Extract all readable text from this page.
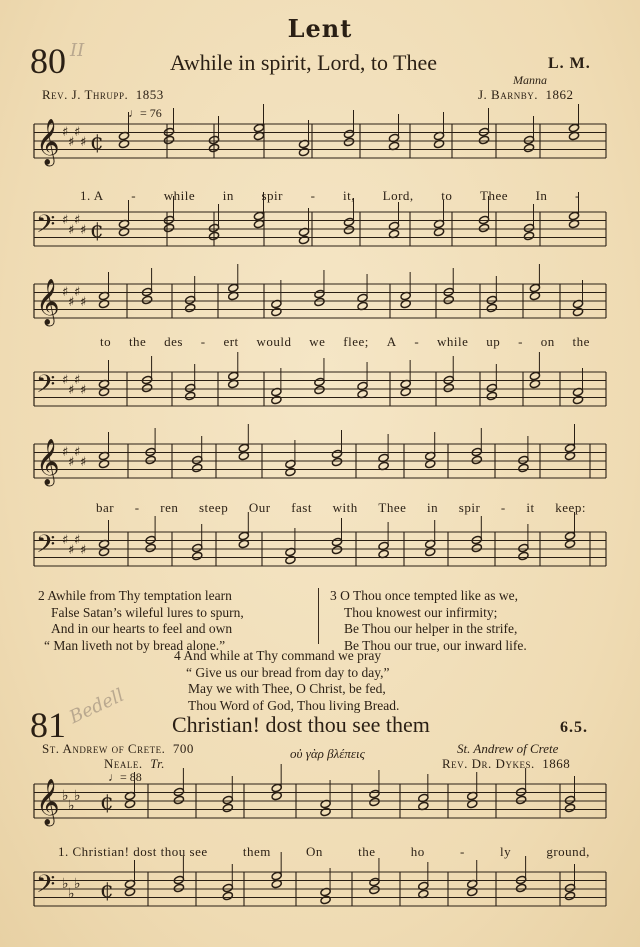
Lent
80 II	Awhile in spirit, Lord, to Thee	L. M.
Manna
Rev. J. Thrupp. 1853	J. Barnby. 1862
♩= 76
𝄞 ♯
♯
♯
♯
𝄢 ♯
♯
♯
♯
𝄞 ♯
♯
♯
♯
𝄢 ♯
♯
♯
♯
𝄞 ♯
♯
♯
♯
𝄢 ♯
♯
♯
♯
𝄞 ♭
♭
♭
𝄢 ♭
♭
♭
¢
¢
¢
¢
1. A - while in spir - it, Lord, to Thee In -
to the des - ert would we flee; A - while up - on the
bar - ren steep Our fast with Thee in spir - it keep:
2 Awhile from Thy temptation learn
False Satan’s wileful lures to spurn,
And in our hearts to feel and own
“ Man liveth not by bread alone.”
3 O Thou once tempted like as we,
Thou knowest our infirmity;
Be Thou our helper in the strife,
Be Thou our true, our inward life.
4 And while at Thy command we pray
“ Give us our bread from day to day,”
May we with Thee, O Christ, be fed,
Thou Word of God, Thou living Bread.
81 Bedell Christian! dost thou see them	6.5.
St. Andrew of Crete. 700	οὐ γὰρ βλέπεις	St. Andrew of Crete
Neale. Tr.	Rev. Dr. Dykes. 1868
♩= 88
1. Christian! dost thou see	them	On	the	ho	-	ly	ground,
